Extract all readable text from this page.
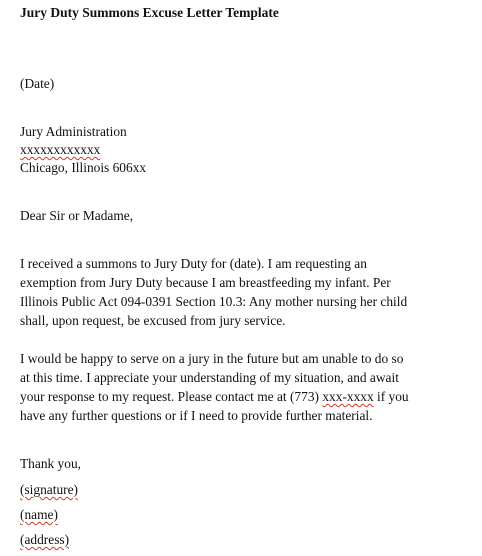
Jury Duty Summons Excuse Letter Template
(Date)
Jury Administration
xxxxxxxxxxxx
Chicago, Illinois 606xx
Dear Sir or Madame,
I received a summons to Jury Duty for (date). I am requesting an
exemption from Jury Duty because I am breastfeeding my infant. Per
Illinois Public Act 094-0391 Section 10.3: Any mother nursing her child
shall, upon request, be excused from jury service.
I would be happy to serve on a jury in the future but am unable to do so
at this time. I appreciate your understanding of my situation, and await
your response to my request. Please contact me at (773) xxx-xxxx if you
have any further questions or if I need to provide further material.
Thank you,
(signature)
(name)
(address)
